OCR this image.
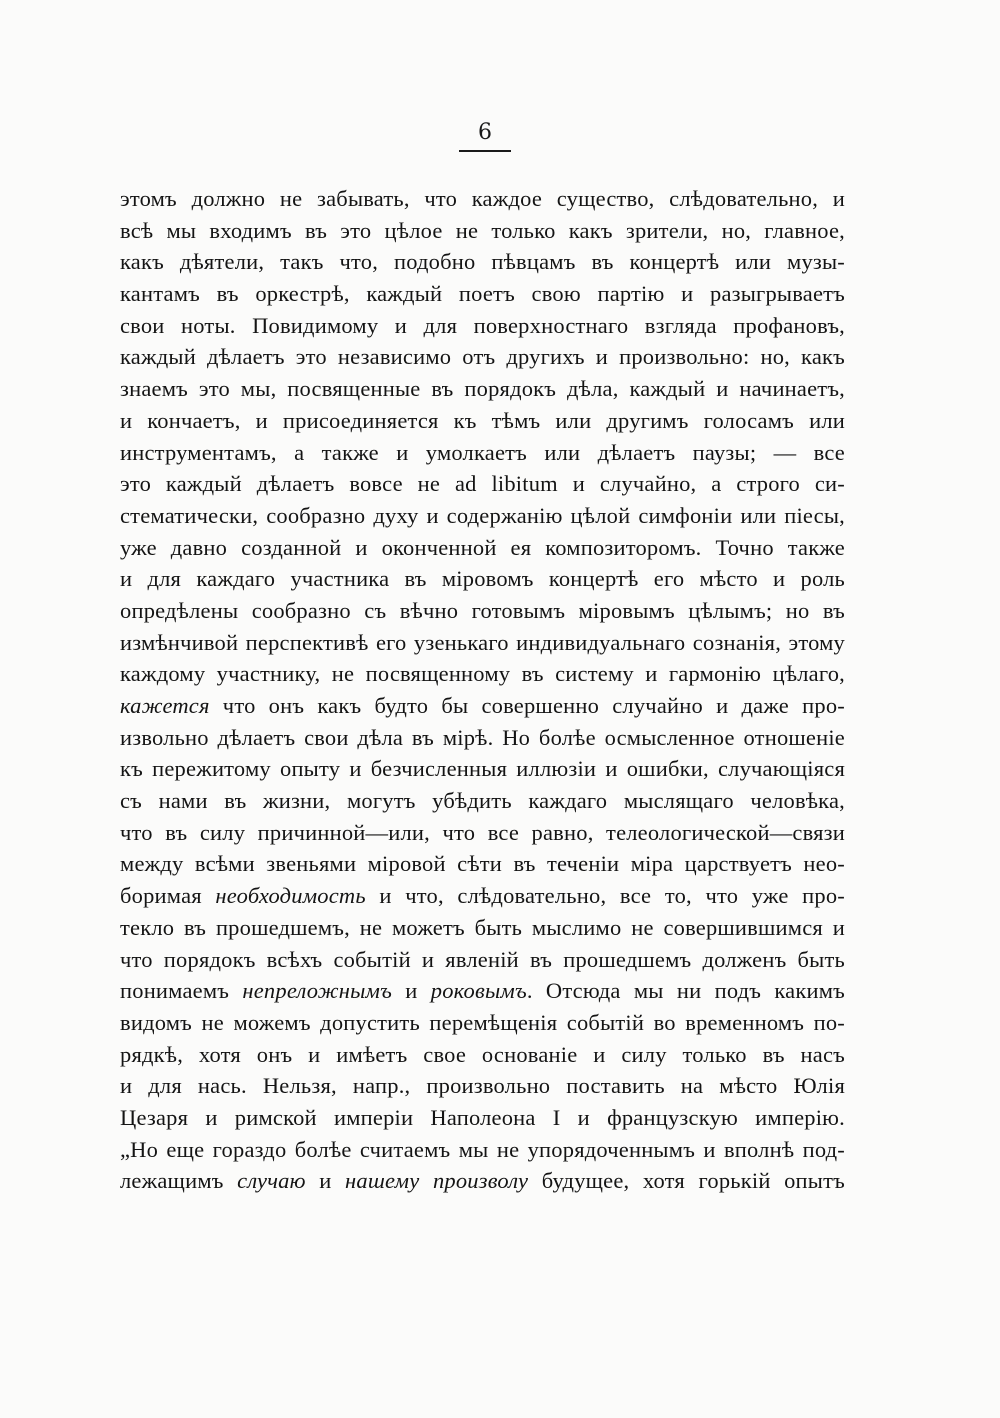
6
этомъ должно не забывать, что каждое существо, слѣдовательно, и
всѣ мы входимъ въ это цѣлое не только какъ зрители, но, главное,
какъ дѣятели, такъ что, подобно пѣвцамъ въ концертѣ или музы-
кантамъ въ оркестрѣ, каждый поетъ свою партію и разыгрываетъ
свои ноты. Повидимому и для поверхностнаго взгляда профановъ,
каждый дѣлаетъ это независимо отъ другихъ и произвольно: но, какъ
знаемъ это мы, посвященные въ порядокъ дѣла, каждый и начинаетъ,
и кончаетъ, и присоединяется къ тѣмъ или другимъ голосамъ или
инструментамъ, а также и умолкаетъ или дѣлаетъ паузы; — все
это каждый дѣлаетъ вовсе не ad libitum и случайно, а строго си-
стематически, сообразно духу и содержанію цѣлой симфоніи или піесы,
уже давно созданной и оконченной ея композиторомъ. Точно также
и для каждаго участника въ міровомъ концертѣ его мѣсто и роль
опредѣлены сообразно съ вѣчно готовымъ міровымъ цѣлымъ; но въ
измѣнчивой перспективѣ его узенькаго индивидуальнаго сознанія, этому
каждому участнику, не посвященному въ систему и гармонію цѣлаго,
кажется что онъ какъ будто бы совершенно случайно и даже про-
извольно дѣлаетъ свои дѣла въ мірѣ. Но болѣе осмысленное отношеніе
къ пережитому опыту и безчисленныя иллюзіи и ошибки, случающіяся
съ нами въ жизни, могутъ убѣдить каждаго мыслящаго человѣка,
что въ силу причинной—или, что все равно, телеологической—связи
между всѣми звеньями міровой сѣти въ теченіи міра царствуетъ нео-
боримая необходимость и что, слѣдовательно, все то, что уже про-
текло въ прошедшемъ, не можетъ быть мыслимо не совершившимся и
что порядокъ всѣхъ событій и явленій въ прошедшемъ долженъ быть
понимаемъ непреложнымъ и роковымъ. Отсюда мы ни подъ какимъ
видомъ не можемъ допустить перемѣщенія событій во временномъ по-
рядкѣ, хотя онъ и имѣетъ свое основаніе и силу только въ насъ
и для нась. Нельзя, напр., произвольно поставить на мѣсто Юлія
Цезаря и римской имперіи Наполеона I и французскую имперію.
„Но еще гораздо болѣе считаемъ мы не упорядоченнымъ и вполнѣ под-
лежащимъ случаю и нашему произволу будущее, хотя горькій опытъ
